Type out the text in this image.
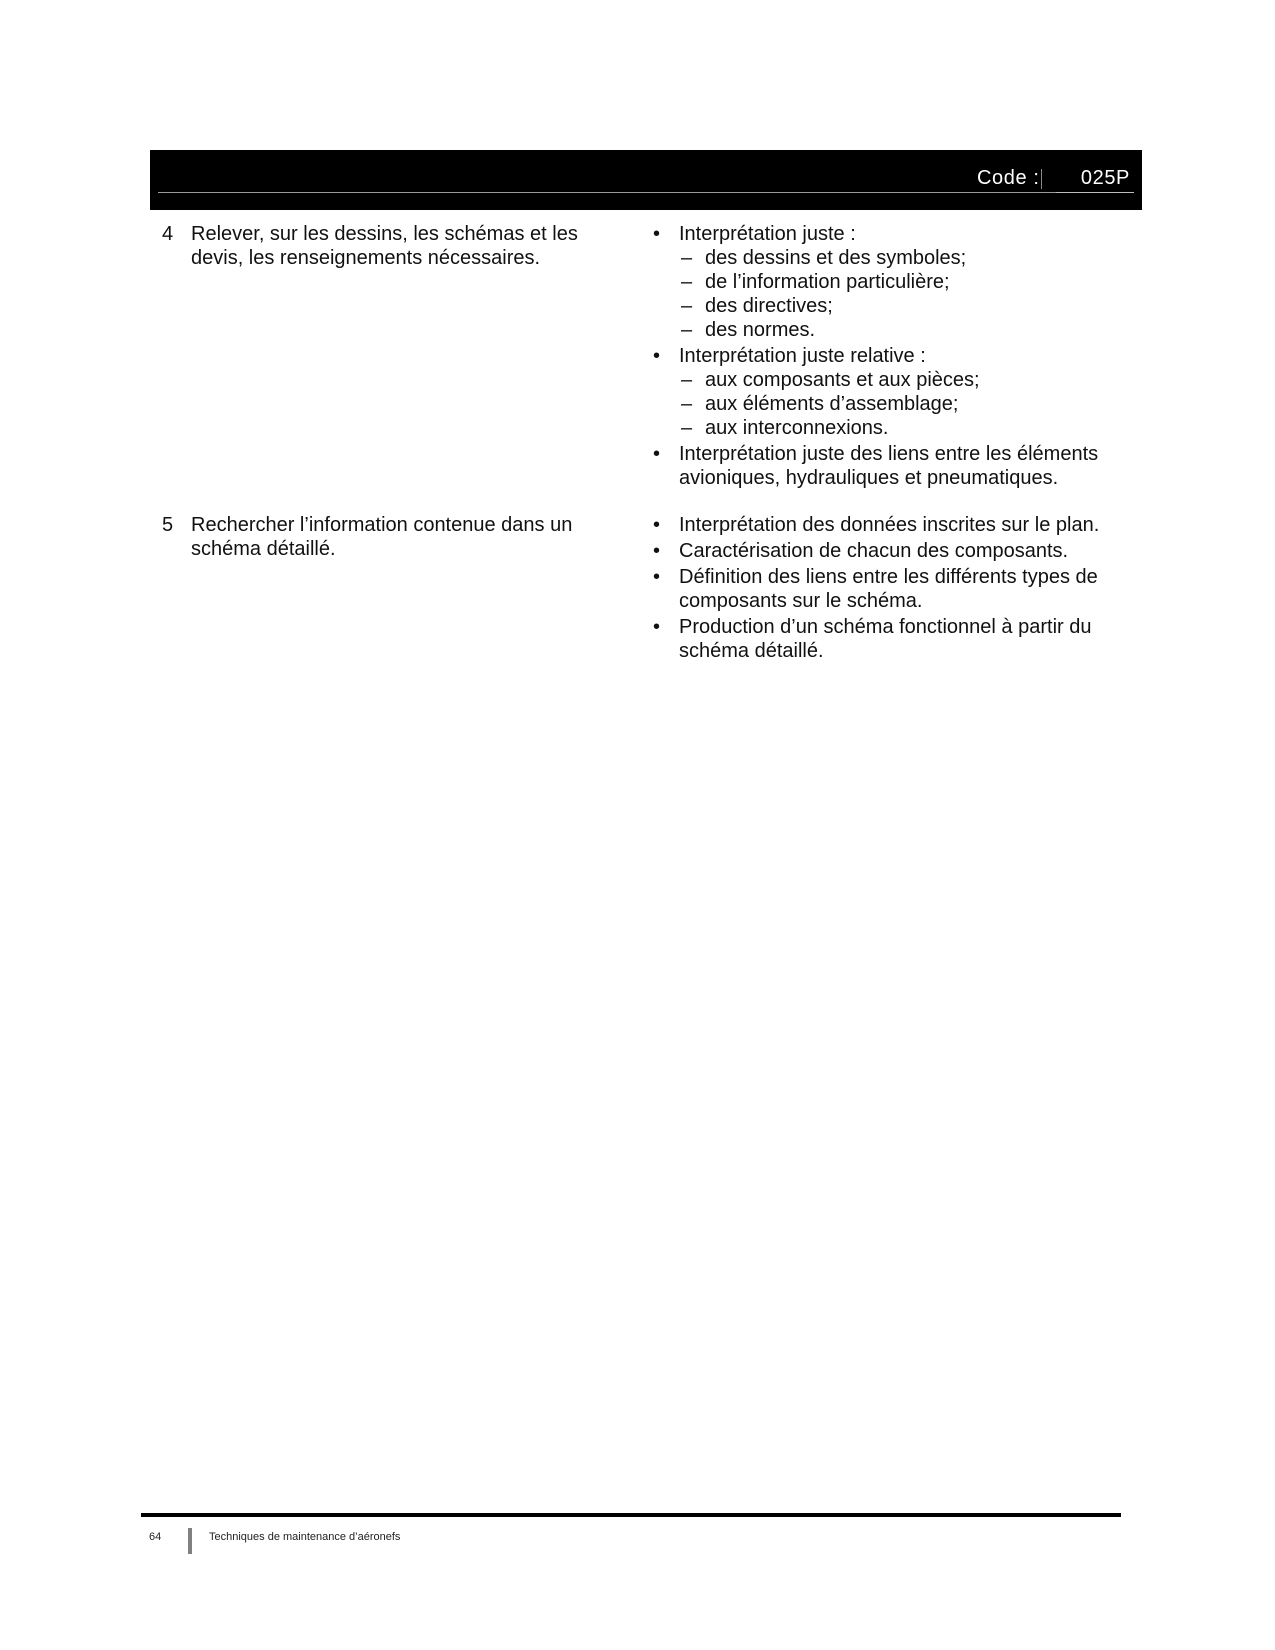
Code :	025P
4 Relever, sur les dessins, les schémas et les devis, les renseignements nécessaires.
• Interprétation juste :
– des dessins et des symboles;
– de l’information particulière;
– des directives;
– des normes.
• Interprétation juste relative :
– aux composants et aux pièces;
– aux éléments d’assemblage;
– aux interconnexions.
• Interprétation juste des liens entre les éléments avioniques, hydrauliques et pneumatiques.
5 Rechercher l’information contenue dans un schéma détaillé.
• Interprétation des données inscrites sur le plan.
• Caractérisation de chacun des composants.
• Définition des liens entre les différents types de composants sur le schéma.
• Production d’un schéma fonctionnel à partir du schéma détaillé.
64	Techniques de maintenance d’aéronefs
